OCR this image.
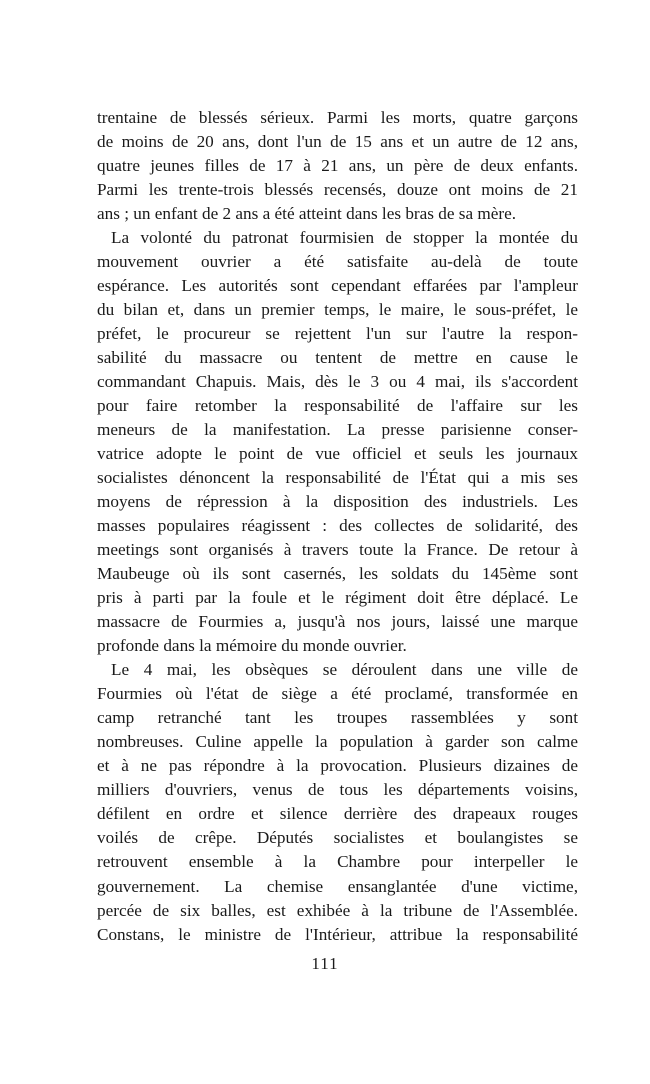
trentaine de blessés sérieux. Parmi les morts, quatre garçons
de moins de 20 ans, dont l'un de 15 ans et un autre de 12 ans,
quatre jeunes filles de 17 à 21 ans, un père de deux enfants.
Parmi les trente-trois blessés recensés, douze ont moins de 21
ans ; un enfant de 2 ans a été atteint dans les bras de sa mère.
La volonté du patronat fourmisien de stopper la montée du
mouvement ouvrier a été satisfaite au-delà de toute
espérance. Les autorités sont cependant effarées par l'ampleur
du bilan et, dans un premier temps, le maire, le sous-préfet, le
préfet, le procureur se rejettent l'un sur l'autre la respon-
sabilité du massacre ou tentent de mettre en cause le
commandant Chapuis. Mais, dès le 3 ou 4 mai, ils s'accordent
pour faire retomber la responsabilité de l'affaire sur les
meneurs de la manifestation. La presse parisienne conser-
vatrice adopte le point de vue officiel et seuls les journaux
socialistes dénoncent la responsabilité de l'État qui a mis ses
moyens de répression à la disposition des industriels. Les
masses populaires réagissent : des collectes de solidarité, des
meetings sont organisés à travers toute la France. De retour à
Maubeuge où ils sont casernés, les soldats du 145ème sont
pris à parti par la foule et le régiment doit être déplacé. Le
massacre de Fourmies a, jusqu'à nos jours, laissé une marque
profonde dans la mémoire du monde ouvrier.
Le 4 mai, les obsèques se déroulent dans une ville de
Fourmies où l'état de siège a été proclamé, transformée en
camp retranché tant les troupes rassemblées y sont
nombreuses. Culine appelle la population à garder son calme
et à ne pas répondre à la provocation. Plusieurs dizaines de
milliers d'ouvriers, venus de tous les départements voisins,
défilent en ordre et silence derrière des drapeaux rouges
voilés de crêpe. Députés socialistes et boulangistes se
retrouvent ensemble à la Chambre pour interpeller le
gouvernement. La chemise ensanglantée d'une victime,
percée de six balles, est exhibée à la tribune de l'Assemblée.
Constans, le ministre de l'Intérieur, attribue la responsabilité
111
